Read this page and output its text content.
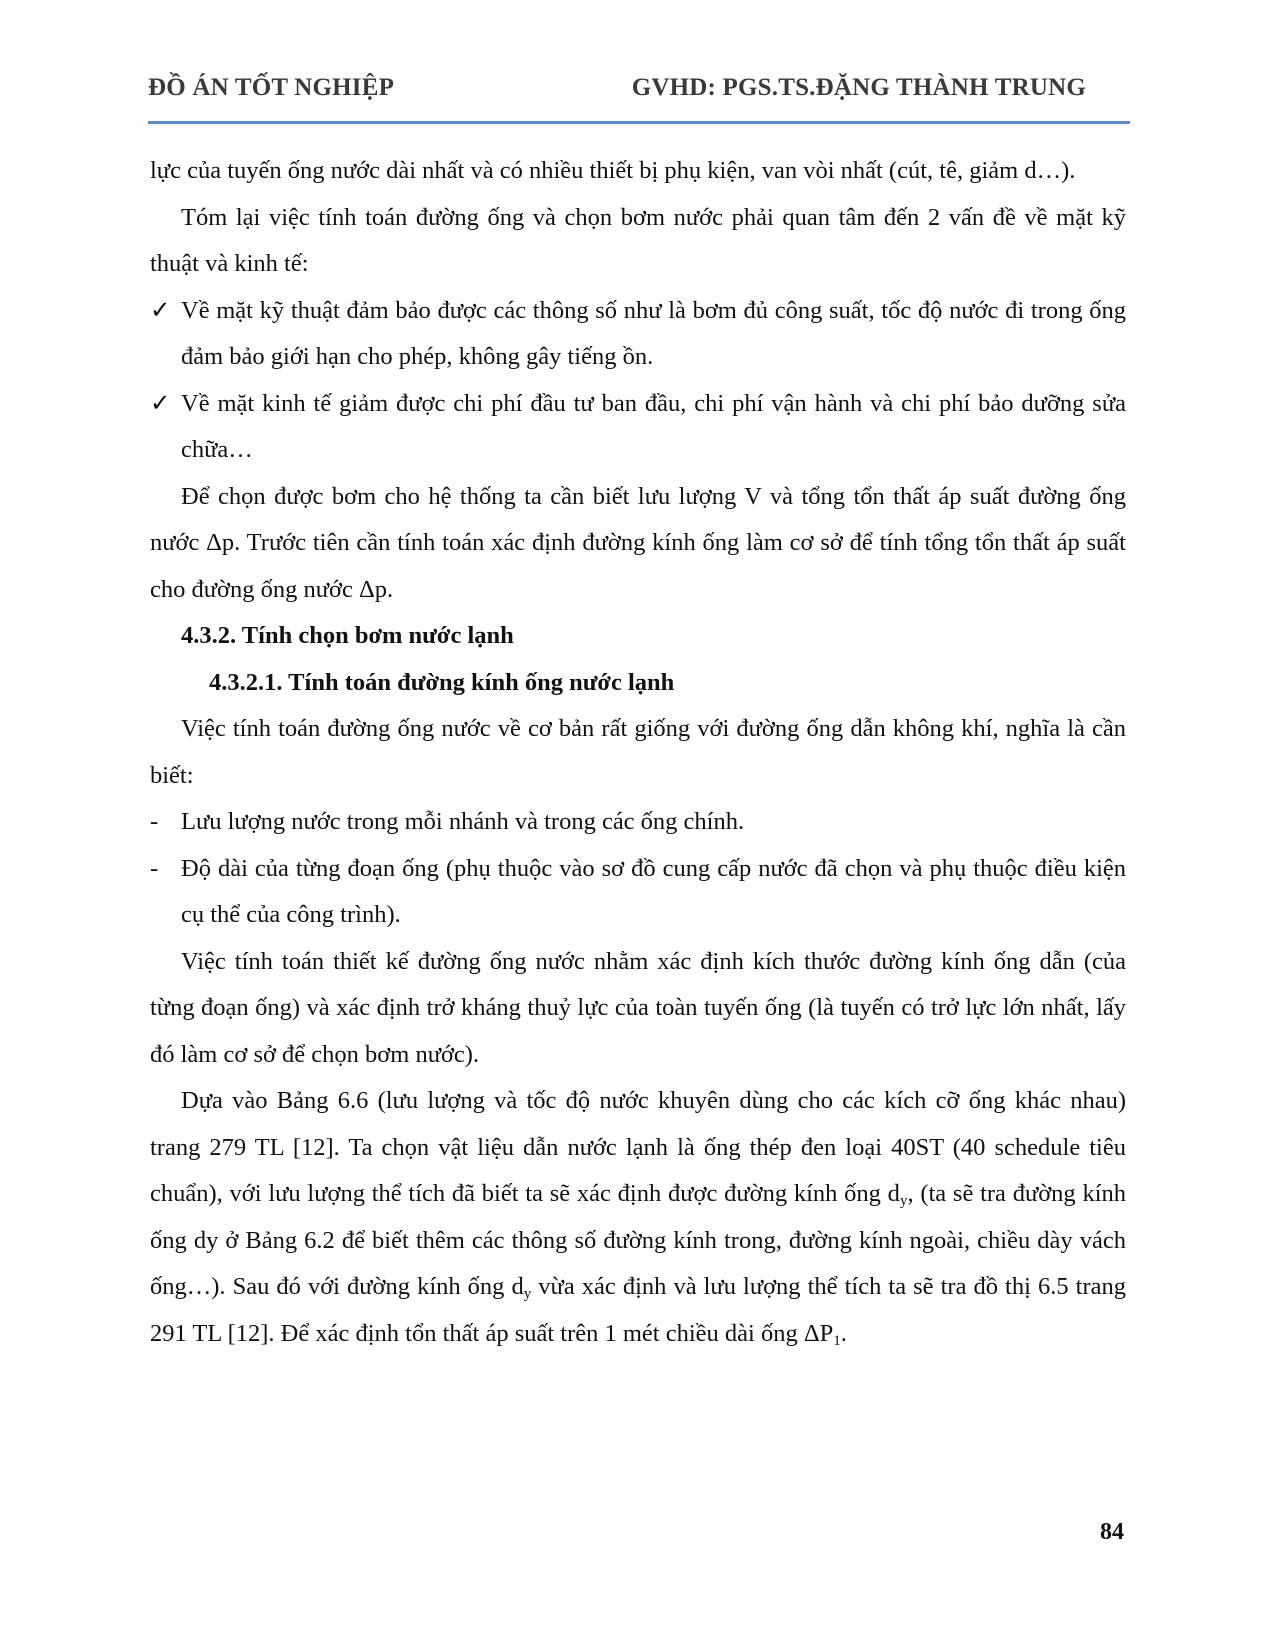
ĐỒ ÁN TỐT NGHIỆP	GVHD: PGS.TS.ĐẶNG THÀNH TRUNG

lực của tuyến ống nước dài nhất và có nhiều thiết bị phụ kiện, van vòi nhất (cút, tê, giảm d…).

Tóm lại việc tính toán đường ống và chọn bơm nước phải quan tâm đến 2 vấn đề về mặt kỹ thuật và kinh tế:

✓ Về mặt kỹ thuật đảm bảo được các thông số như là bơm đủ công suất, tốc độ nước đi trong ống đảm bảo giới hạn cho phép, không gây tiếng ồn.
✓ Về mặt kinh tế giảm được chi phí đầu tư ban đầu, chi phí vận hành và chi phí bảo dưỡng sửa chữa…

Để chọn được bơm cho hệ thống ta cần biết lưu lượng V và tổng tổn thất áp suất đường ống nước Δp. Trước tiên cần tính toán xác định đường kính ống làm cơ sở để tính tổng tổn thất áp suất cho đường ống nước Δp.

4.3.2. Tính chọn bơm nước lạnh

4.3.2.1. Tính toán đường kính ống nước lạnh

Việc tính toán đường ống nước về cơ bản rất giống với đường ống dẫn không khí, nghĩa là cần biết:

- Lưu lượng nước trong mỗi nhánh và trong các ống chính.
- Độ dài của từng đoạn ống (phụ thuộc vào sơ đồ cung cấp nước đã chọn và phụ thuộc điều kiện cụ thể của công trình).

Việc tính toán thiết kế đường ống nước nhằm xác định kích thước đường kính ống dẫn (của từng đoạn ống) và xác định trở kháng thuỷ lực của toàn tuyến ống (là tuyến có trở lực lớn nhất, lấy đó làm cơ sở để chọn bơm nước).

Dựa vào Bảng 6.6 (lưu lượng và tốc độ nước khuyên dùng cho các kích cỡ ống khác nhau) trang 279 TL [12]. Ta chọn vật liệu dẫn nước lạnh là ống thép đen loại 40ST (40 schedule tiêu chuẩn), với lưu lượng thể tích đã biết ta sẽ xác định được đường kính ống $d_y$, (ta sẽ tra đường kính ống dy ở Bảng 6.2 để biết thêm các thông số đường kính trong, đường kính ngoài, chiều dày vách ống…). Sau đó với đường kính ống $d_y$ vừa xác định và lưu lượng thể tích ta sẽ tra đồ thị 6.5 trang 291 TL [12]. Để xác định tổn thất áp suất trên 1 mét chiều dài ống $\Delta P_1$.

84
